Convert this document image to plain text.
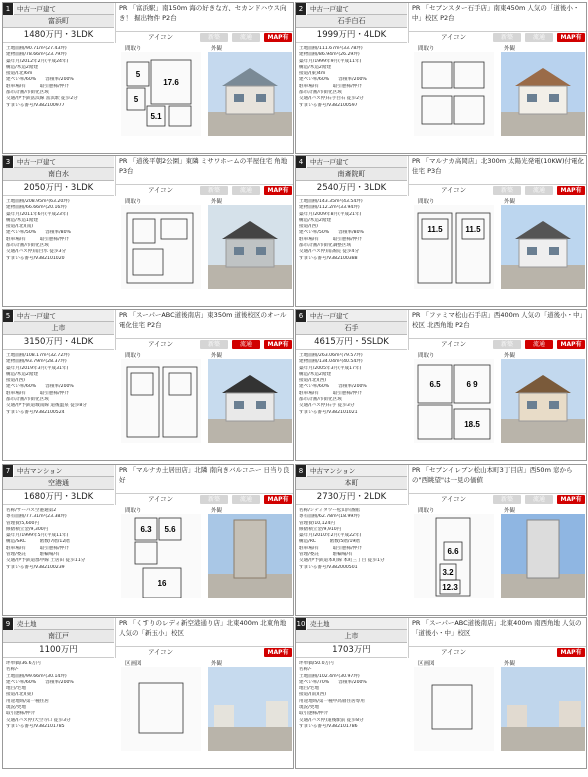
1	中古一戸建て
富浜町
1480万円・3LDK
PR 「富浜駅」南150m 海の好きな方、セカンドハウス向き！ 掘出物件 P2台
アイコン	新築	流通	MAP有
土地面積/90.71m²(27.43坪)
建物面積/78.66m²(23.79坪)
築年月/2012年2月(平成24年)
構造/木造2階建
接道/(北)6m
建ぺい率/60%　　容積率/200%
駐車場/有　　　取引態様/仲介
都市計画/市街化区域
交通/伊予鉄富浜線 富浜駅 徒歩2分
すまいる番号/V382100977
間取り	外観
5
17.6
5
5.1
2	中古一戸建て
石手白石
1999万円・4LDK
PR 「セブンスター石手店」南東450m 人気の「道後小・中」校区 P2台
アイコン	新築	流通	MAP有
土地面積/111.67m²(33.78坪)
建物面積/86.94m²(26.29坪)
築年月/1999年9月(平成11年)
構造/木造2階建
接道/(東)4m
建ぺい率/60%　　容積率/200%
駐車場/有　　　取引態様/仲介
都市計画/市街化区域
交通/(バス停)石手白石 徒歩2分
すまいる番号/V382100597
間取り	外観
3	中古一戸建て
南白水
2050万円・3LDK
PR 「道後平朝2公園」東隣 ミサワホームの平屋住宅 角地 P3台
アイコン	新築	流通	MAP有
土地面積/208.95m²(63.20坪)
建物面積/66.66m²(20.16坪)
築年月/2011年6月(平成23年)
構造/木造1階建
接道/(北)(南)
建ぺい率/50%　　容積率/80%
駐車場/有　　　取引態様/仲介
都市計画/市街化区域
交通/(バス停)南白水 徒歩3分
すまいる番号/V382101020
間取り	外観
4	中古一戸建て
南斎院町
2540万円・3LDK
PR 「マルナカ高岡店」北300m 太陽光発電(10KW)付電化住宅 P3台
アイコン	新築	流通	MAP有
土地面積/143.35m²(43.54坪)
建物面積/112.2m²(33.94坪)
築年月/2009年8月(平成21年)
構造/木造2階建
接道/(西)
建ぺい率/50%　　容積率/80%
駐車場/有　　　取引態様/仲介
都市計画/市街化調整区域
交通/(バス停)南斎院 徒歩4分
すまいる番号/V382100388
間取り	外観
11.5	11.5
5	中古一戸建て
上市
3150万円・4LDK
PR 「スーパーABC道後南店」東350m 道後校区のオール電化住宅 P2台
アイコン	新築	流通	MAP有
土地面積/108.17m²(32.72坪)
建物面積/93.79m²(28.37坪)
築年月/2019年3月(平成31年)
構造/木造2階建
接道/(西)
建ぺい率/60%　　容積率/200%
駐車場/有　　　取引態様/仲介
都市計画/市街化区域
交通/伊予鉄道城南線 道後温泉 徒歩8分
すまいる番号/V382100524
間取り	外観
6	中古一戸建て
石手
4615万円・5SLDK
PR 「ファミマ松山石手店」西400m 人気の「道後小・中」校区 北西角地 P2台
アイコン	新築	流通	MAP有
土地面積/263.06m²(79.57坪)
建物面積/134.04m²(40.54坪)
築年月/2005年3月(平成17年)
構造/木造2階建
接道/(北)(西)
建ぺい率/60%　　容積率/200%
駐車場/有　　　取引態様/仲介
都市計画/市街化区域
交通/(バス停)石手 徒歩3分
すまいる番号/V382101021
間取り	外観
6.5	6 9
18.5
7	中古マンション
空港通
1680万円・3LDK
PR 「マルナカ土居田店」北隣 南向きバルコニー 日当り良好
アイコン	新築	流通	MAP有
名称/サーパス空港通第2
専有面積/77.31m²(23.38坪)
管理費/5,600円
修繕積立金/9,300円
築年月/1999年5月(平成11年)
構造/SRC　　　階数/7階/12階
駐車場/有　　　取引態様/仲介
管理/委託　　　駐輪場/有
交通/伊予鉄道郡中線 土居田 徒歩11分
すまいる番号/V382100239
間取り	外観
6.3 5.6
16
8	中古マンション
本町
2730万円・2LDK
PR 「セブンイレブン松山本町3丁目店」西50m 窓からの"西眺望"は一見の価値
アイコン	新築	流通	MAP有
名称/シティタワー松山四番館
専有面積/62.78m²(18.99坪)
管理費/10,124円
修繕積立金/9,910円
築年月/2010年2月(平成22年)
構造/RC　　　階数/5階/19階
駐車場/有　　　取引態様/仲介
管理/委託　　　駐輪場/有
交通/伊予鉄道本町線 本町三丁目 徒歩1分
すまいる番号/V382000501
間取り	外観
6.6
3.2
12.3
9	売土地
南江戸
1100万円
PR 「くすりのレディ新空港通り店」北東400m 北東角地 人気の「新玉小」校区
アイコン	MAP有
坪単価/36.6万円
名称/-
土地面積/99.66m²(30.14坪)
建ぺい率/60%　　容積率/200%
地目/宅地
接道/(北)(東)
用途地域/第一種住居
現況/更地
取引態様/仲介
交通/(バス停)大空寺口 徒歩3分
すまいる番号/V382101785
区画図	外観
10 売土地
上市
1703万円
PR 「スーパーABC道後南店」北東400m 南西角地 人気の「道後小・中」校区
アイコン	MAP有
坪単価/50.0万円
名称/-
土地面積/102.4m²(30.97坪)
建ぺい率/70%　　容積率/200%
地目/宅地
接道/(南)(西)
用途地域/第一種中高層住居専用
現況/更地
取引態様/仲介
交通/(バス停)道後駅前 徒歩8分
すまいる番号/V382101786
区画図	外観
